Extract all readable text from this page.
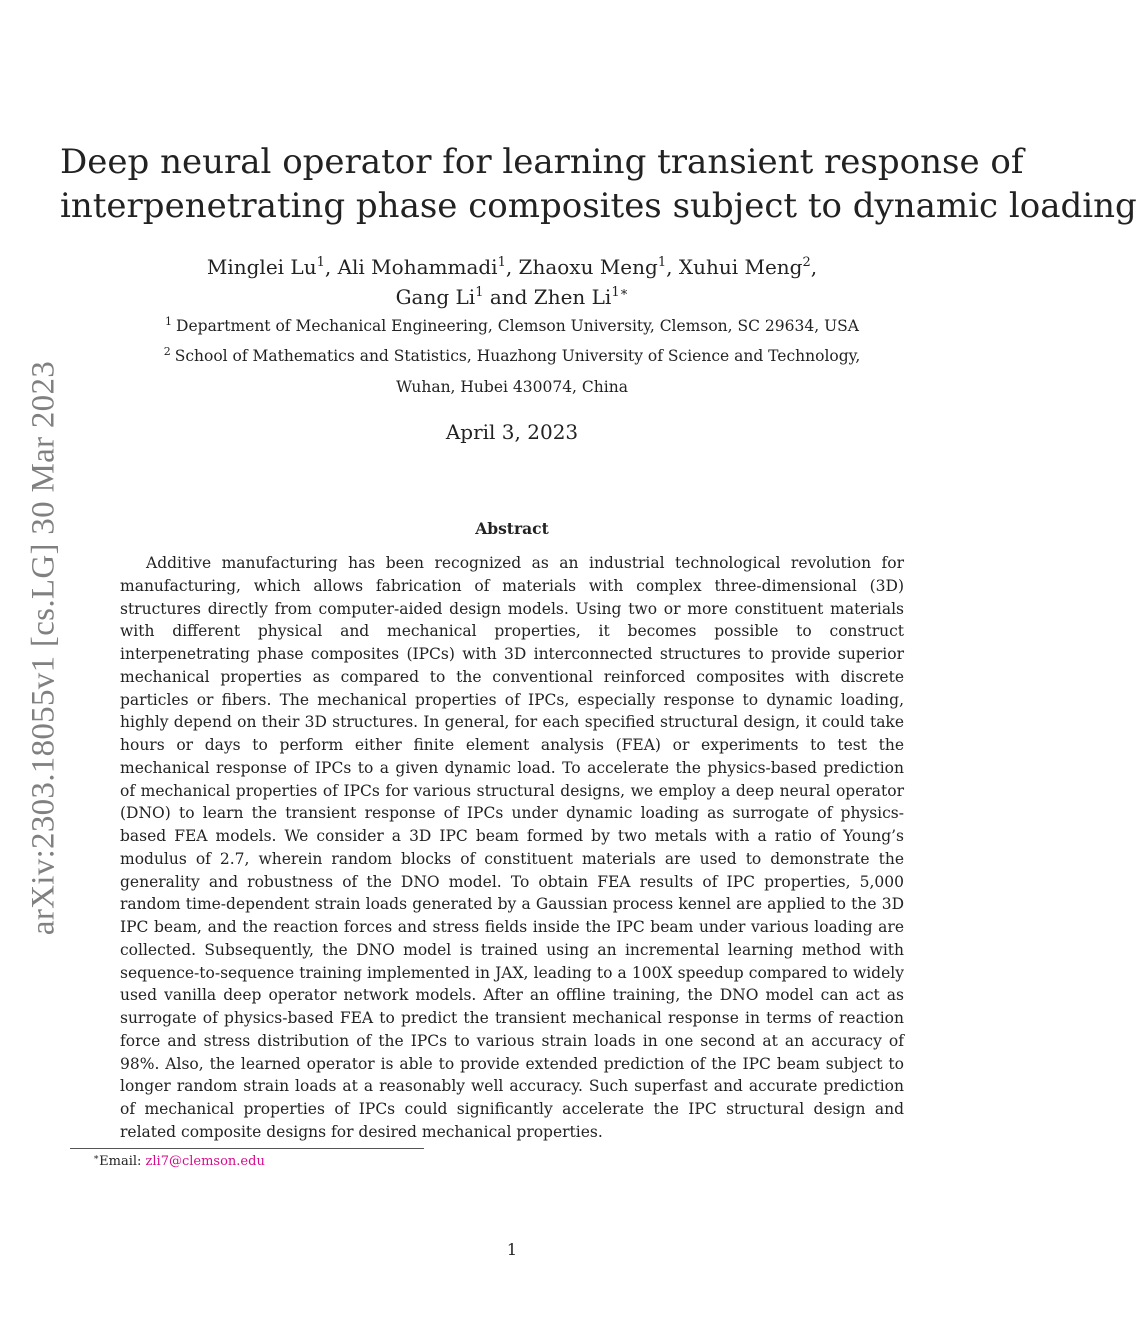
arXiv:2303.18055v1 [cs.LG] 30 Mar 2023
Deep neural operator for learning transient response of
interpenetrating phase composites subject to dynamic loading
Minglei Lu$^1$, Ali Mohammadi$^1$, Zhaoxu Meng$^1$, Xuhui Meng$^2$,
Gang Li$^1$ and Zhen $Li^{1∗}$
$^1$ Department of Mechanical Engineering, Clemson University, Clemson, SC 29634, USA
$^2$ School of Mathematics and Statistics, Huazhong University of Science and Technology,
Wuhan, Hubei 430074, China
April 3, 2023
Abstract
Additive manufacturing has been recognized as an industrial technological revolution for manufacturing, which allows fabrication of materials with complex three-dimensional (3D) structures directly from computer-aided design models. Using two or more constituent materials with different physical and mechanical properties, it becomes possible to construct interpenetrating phase composites (IPCs) with 3D interconnected structures to provide superior mechanical properties as compared to the conventional reinforced composites with discrete particles or fibers. The mechanical properties of IPCs, especially response to dynamic loading, highly depend on their 3D structures. In general, for each specified structural design, it could take hours or days to perform either finite element analysis (FEA) or experiments to test the mechanical response of IPCs to a given dynamic load. To accelerate the physics-based prediction of mechanical properties of IPCs for various structural designs, we employ a deep neural operator (DNO) to learn the transient response of IPCs under dynamic loading as surrogate of physics-based FEA models. We consider a 3D IPC beam formed by two metals with a ratio of Young’s modulus of 2.7, wherein random blocks of constituent materials are used to demonstrate the generality and robustness of the DNO model. To obtain FEA results of IPC properties, 5,000 random time-dependent strain loads generated by a Gaussian process kennel are applied to the 3D IPC beam, and the reaction forces and stress fields inside the IPC beam under various loading are collected. Subsequently, the DNO model is trained using an incremental learning method with sequence-to-sequence training implemented in JAX, leading to a 100X speedup compared to widely used vanilla deep operator network models. After an offline training, the DNO model can act as surrogate of physics-based FEA to predict the transient mechanical response in terms of reaction force and stress distribution of the IPCs to various strain loads in one second at an accuracy of 98%. Also, the learned operator is able to provide extended prediction of the IPC beam subject to longer random strain loads at a reasonably well accuracy. Such superfast and accurate prediction of mechanical properties of IPCs could significantly accelerate the IPC structural design and related composite designs for desired mechanical properties.
∗Email: zli7@clemson.edu
1
